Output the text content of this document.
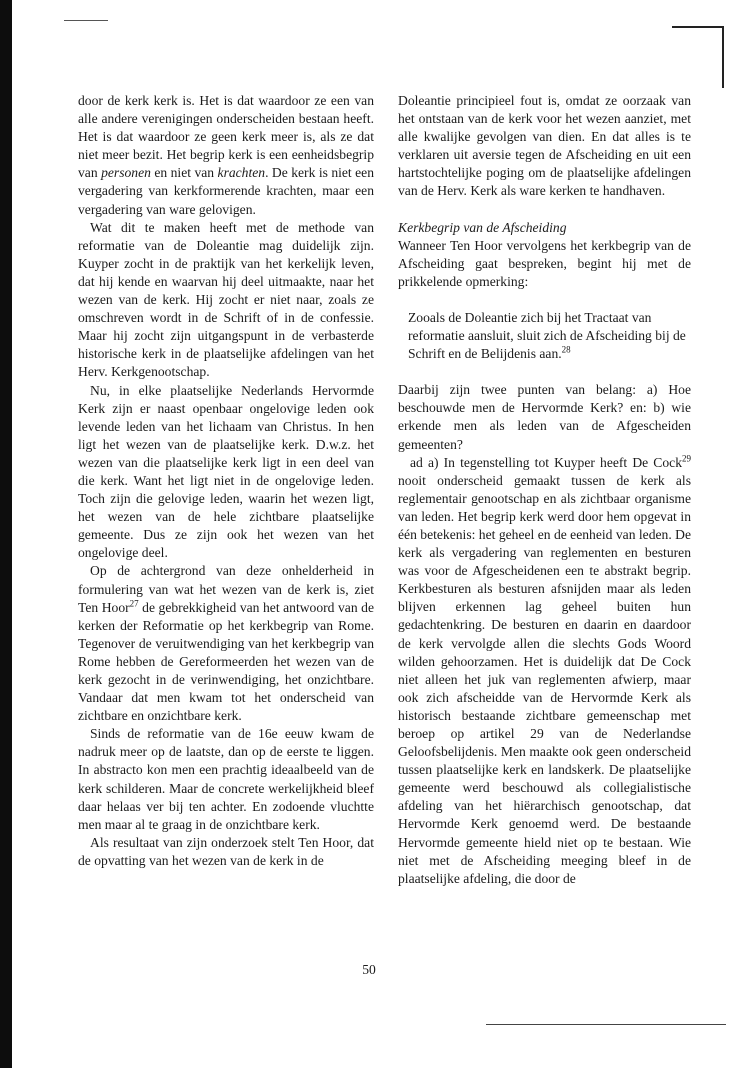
door de kerk kerk is. Het is dat waardoor ze een van alle andere verenigingen onderscheiden bestaan heeft. Het is dat waardoor ze geen kerk meer is, als ze dat niet meer bezit. Het begrip kerk is een eenheidsbegrip van personen en niet van krachten. De kerk is niet een vergadering van kerkformerende krachten, maar een vergadering van ware gelovigen.

Wat dit te maken heeft met de methode van reformatie van de Doleantie mag duidelijk zijn. Kuyper zocht in de praktijk van het kerkelijk leven, dat hij kende en waarvan hij deel uitmaakte, naar het wezen van de kerk. Hij zocht er niet naar, zoals ze omschreven wordt in de Schrift of in de confessie. Maar hij zocht zijn uitgangspunt in de verbasterde historische kerk in de plaatselijke afdelingen van het Herv. Kerkgenootschap.

Nu, in elke plaatselijke Nederlands Hervormde Kerk zijn er naast openbaar ongelovige leden ook levende leden van het lichaam van Christus. In hen ligt het wezen van de plaatselijke kerk. D.w.z. het wezen van die plaatselijke kerk ligt in een deel van die kerk. Want het ligt niet in de ongelovige leden. Toch zijn die gelovige leden, waarin het wezen ligt, het wezen van de hele zichtbare plaatselijke gemeente. Dus ze zijn ook het wezen van het ongelovige deel.

Op de achtergrond van deze onhelderheid in formulering van wat het wezen van de kerk is, ziet Ten Hoor$^{27}$ de gebrekkigheid van het antwoord van de kerken der Reformatie op het kerkbegrip van Rome. Tegenover de veruitwendiging van het kerkbegrip van Rome hebben de Gereformeerden het wezen van de kerk gezocht in de verinwendiging, het onzichtbare. Vandaar dat men kwam tot het onderscheid van zichtbare en onzichtbare kerk.

Sinds de reformatie van de 16e eeuw kwam de nadruk meer op de laatste, dan op de eerste te liggen. In abstracto kon men een prachtig ideaalbeeld van de kerk schilderen. Maar de concrete werkelijkheid bleef daar helaas ver bij ten achter. En zodoende vluchtte men maar al te graag in de onzichtbare kerk.

Als resultaat van zijn onderzoek stelt Ten Hoor, dat de opvatting van het wezen van de kerk in de

Doleantie principieel fout is, omdat ze oorzaak van het ontstaan van de kerk voor het wezen aanziet, met alle kwalijke gevolgen van dien. En dat alles is te verklaren uit aversie tegen de Afscheiding en uit een hartstochtelijke poging om de plaatselijke afdelingen van de Herv. Kerk als ware kerken te handhaven.

Kerkbegrip van de Afscheiding

Wanneer Ten Hoor vervolgens het kerkbegrip van de Afscheiding gaat bespreken, begint hij met de prikkelende opmerking:

Zooals de Doleantie zich bij het Tractaat van reformatie aansluit, sluit zich de Afscheiding bij de Schrift en de Belijdenis aan.$^{28}$

Daarbij zijn twee punten van belang: a) Hoe beschouwde men de Hervormde Kerk? en: b) wie erkende men als leden van de Afgescheiden gemeenten?

ad a) In tegenstelling tot Kuyper heeft De Cock$^{29}$ nooit onderscheid gemaakt tussen de kerk als reglementair genootschap en als zichtbaar organisme van leden. Het begrip kerk werd door hem opgevat in één betekenis: het geheel en de eenheid van leden. De kerk als vergadering van reglementen en besturen was voor de Afgescheidenen een te abstrakt begrip. Kerkbesturen als besturen afsnijden maar als leden blijven erkennen lag geheel buiten hun gedachtenkring. De besturen en daarin en daardoor de kerk vervolgde allen die slechts Gods Woord wilden gehoorzamen. Het is duidelijk dat De Cock niet alleen het juk van reglementen afwierp, maar ook zich afscheidde van de Hervormde Kerk als historisch bestaande zichtbare gemeenschap met beroep op artikel 29 van de Nederlandse Geloofsbelijdenis. Men maakte ook geen onderscheid tussen plaatselijke kerk en landskerk. De plaatselijke gemeente werd beschouwd als collegialistische afdeling van het hiërarchisch genootschap, dat Hervormde Kerk genoemd werd. De bestaande Hervormde gemeente hield niet op te bestaan. Wie niet met de Afscheiding meeging bleef in de plaatselijke afdeling, die door de

50
